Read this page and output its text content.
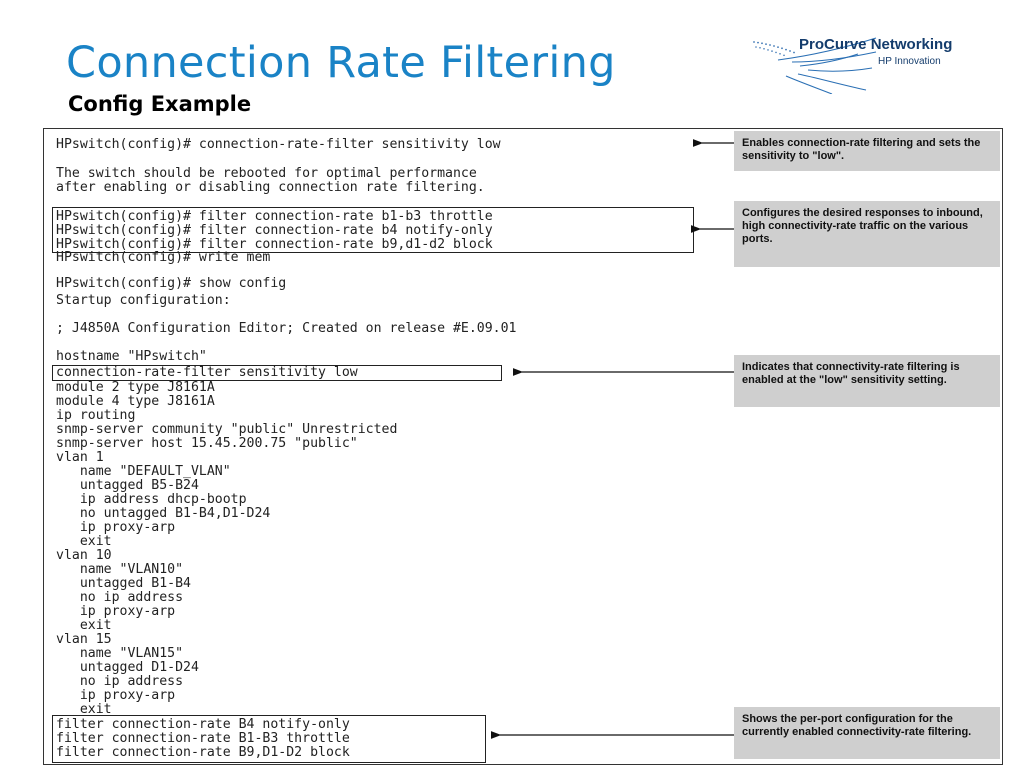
Connection Rate Filtering
Config Example
ProCurve Networking
HP Innovation
HPswitch(config)# connection-rate-filter sensitivity low
The switch should be rebooted for optimal performance
after enabling or disabling connection rate filtering.
HPswitch(config)# filter connection-rate b1-b3 throttle
HPswitch(config)# filter connection-rate b4 notify-only
HPswitch(config)# filter connection-rate b9,d1-d2 block
HPswitch(config)# write mem
HPswitch(config)# show config
Startup configuration:
; J4850A Configuration Editor; Created on release #E.09.01
hostname "HPswitch"
connection-rate-filter sensitivity low
module 2 type J8161A
module 4 type J8161A
ip routing
snmp-server community "public" Unrestricted
snmp-server host 15.45.200.75 "public"
vlan 1
name "DEFAULT_VLAN"
untagged B5-B24
ip address dhcp-bootp
no untagged B1-B4,D1-D24
ip proxy-arp
exit
vlan 10
name "VLAN10"
untagged B1-B4
no ip address
ip proxy-arp
exit
vlan 15
name "VLAN15"
untagged D1-D24
no ip address
ip proxy-arp
exit
filter connection-rate B4 notify-only
filter connection-rate B1-B3 throttle
filter connection-rate B9,D1-D2 block
Enables connection-rate filtering and sets the sensitivity to "low".
Configures the desired responses to inbound, high connectivity-rate traffic on the various ports.
Indicates that connectivity-rate filtering is enabled at the "low" sensitivity setting.
Shows the per-port configuration for the currently enabled connectivity-rate filtering.
